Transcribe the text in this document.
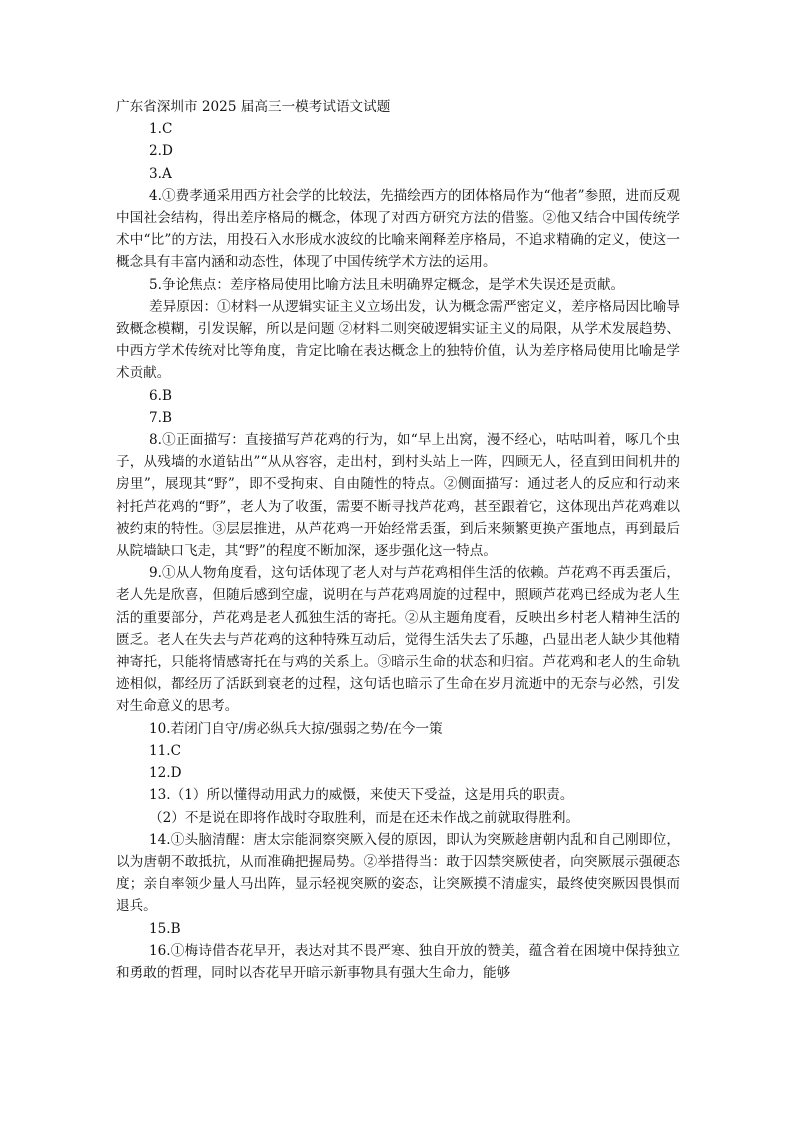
广东省深圳市 2025 届高三一模考试语文试题

1.C

2.D

3.A

4.①费孝通采用西方社会学的比较法，先描绘西方的团体格局作为“他者”参照，进而反观中国社会结构，得出差序格局的概念，体现了对西方研究方法的借鉴。②他又结合中国传统学术中“比”的方法，用投石入水形成水波纹的比喻来阐释差序格局，不追求精确的定义，使这一概念具有丰富内涵和动态性，体现了中国传统学术方法的运用。

5.争论焦点：差序格局使用比喻方法且未明确界定概念，是学术失误还是贡献。

差异原因：①材料一从逻辑实证主义立场出发，认为概念需严密定义，差序格局因比喻导致概念模糊，引发误解，所以是问题 ②材料二则突破逻辑实证主义的局限，从学术发展趋势、中西方学术传统对比等角度，肯定比喻在表达概念上的独特价值，认为差序格局使用比喻是学术贡献。

6.B

7.B

8.①正面描写：直接描写芦花鸡的行为，如“早上出窝，漫不经心，咕咕叫着，啄几个虫子，从残墙的水道钻出”“从从容容，走出村，到村头站上一阵，四顾无人，径直到田间机井的房里”，展现其“野”，即不受拘束、自由随性的特点。②侧面描写：通过老人的反应和行动来衬托芦花鸡的“野”，老人为了收蛋，需要不断寻找芦花鸡，甚至跟着它，这体现出芦花鸡难以被约束的特性。③层层推进，从芦花鸡一开始经常丢蛋，到后来频繁更换产蛋地点，再到最后从院墙缺口飞走，其“野”的程度不断加深，逐步强化这一特点。

9.①从人物角度看，这句话体现了老人对与芦花鸡相伴生活的依赖。芦花鸡不再丢蛋后，老人先是欣喜，但随后感到空虚，说明在与芦花鸡周旋的过程中，照顾芦花鸡已经成为老人生活的重要部分，芦花鸡是老人孤独生活的寄托。②从主题角度看，反映出乡村老人精神生活的匮乏。老人在失去与芦花鸡的这种特殊互动后，觉得生活失去了乐趣，凸显出老人缺少其他精神寄托，只能将情感寄托在与鸡的关系上。③暗示生命的状态和归宿。芦花鸡和老人的生命轨迹相似，都经历了活跃到衰老的过程，这句话也暗示了生命在岁月流逝中的无奈与必然，引发对生命意义的思考。

10.若闭门自守/虏必纵兵大掠/强弱之势/在今一策

11.C

12.D

13.（1）所以懂得动用武力的威慑，来使天下受益，这是用兵的职责。

（2）不是说在即将作战时夺取胜利，而是在还未作战之前就取得胜利。

14.①头脑清醒：唐太宗能洞察突厥入侵的原因，即认为突厥趁唐朝内乱和自己刚即位，以为唐朝不敢抵抗，从而准确把握局势。②举措得当：敢于囚禁突厥使者，向突厥展示强硬态度；亲自率领少量人马出阵，显示轻视突厥的姿态，让突厥摸不清虚实，最终使突厥因畏惧而退兵。

15.B

16.①梅诗借杏花早开，表达对其不畏严寒、独自开放的赞美，蕴含着在困境中保持独立和勇敢的哲理，同时以杏花早开暗示新事物具有强大生命力，能够
